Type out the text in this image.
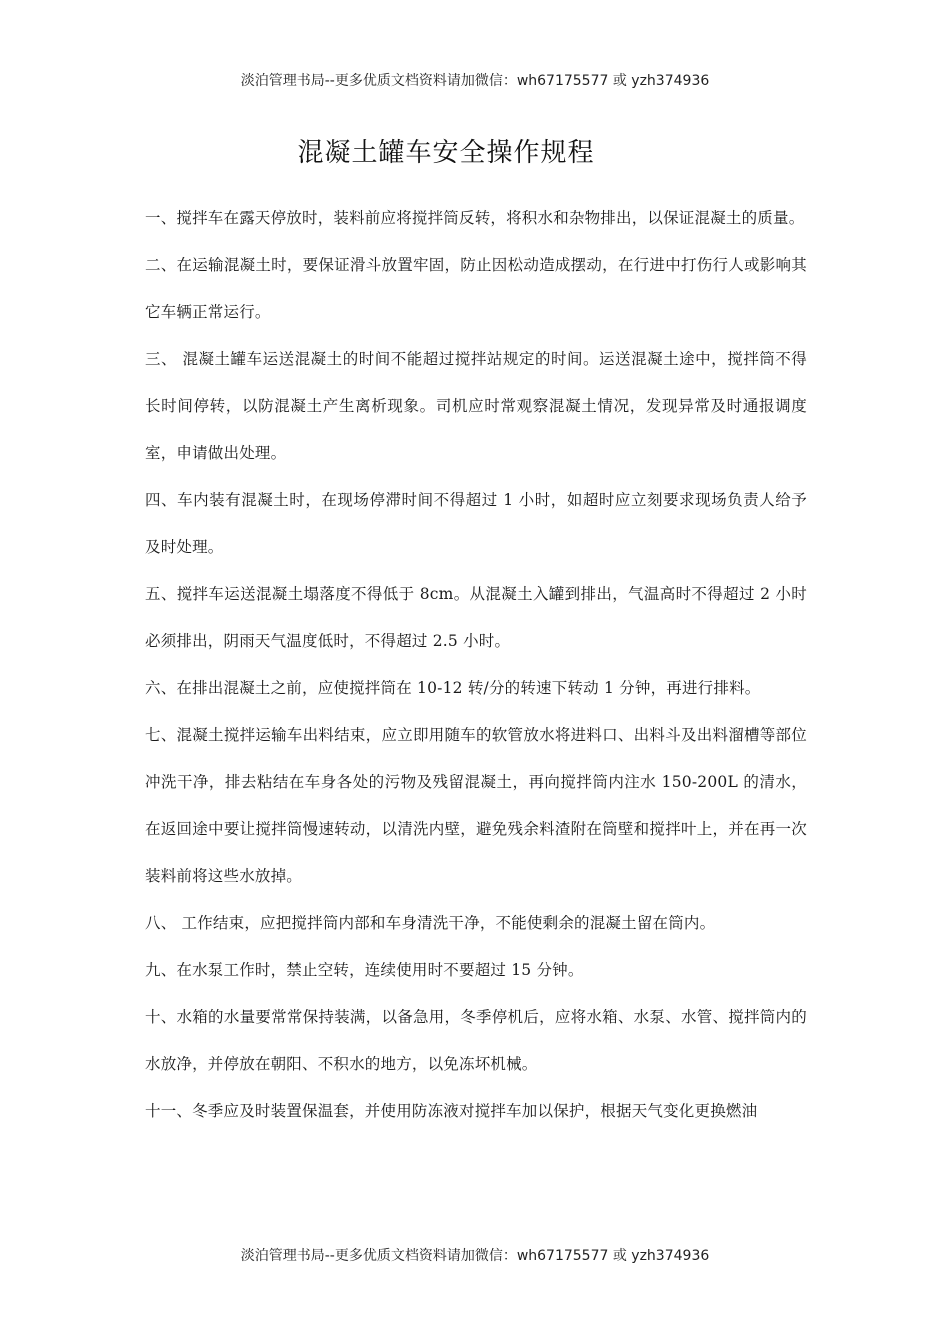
淡泊管理书局--更多优质文档资料请加微信：wh67175577 或 yzh374936
混凝土罐车安全操作规程

一、搅拌车在露天停放时，装料前应将搅拌筒反转，将积水和杂物排出，以保证混凝土的质量。

二、在运输混凝土时，要保证滑斗放置牢固，防止因松动造成摆动，在行进中打伤行人或影响其它车辆正常运行。

三、 混凝土罐车运送混凝土的时间不能超过搅拌站规定的时间。运送混凝土途中，搅拌筒不得长时间停转，以防混凝土产生离析现象。司机应时常观察混凝土情况，发现异常及时通报调度室，申请做出处理。

四、车内装有混凝土时，在现场停滞时间不得超过 1 小时，如超时应立刻要求现场负责人给予及时处理。

五、搅拌车运送混凝土塌落度不得低于 8cm。从混凝土入罐到排出，气温高时不得超过 2 小时必须排出，阴雨天气温度低时，不得超过 2.5 小时。

六、在排出混凝土之前，应使搅拌筒在 10-12 转/分的转速下转动 1 分钟，再进行排料。

七、混凝土搅拌运输车出料结束，应立即用随车的软管放水将进料口、出料斗及出料溜槽等部位冲洗干净，排去粘结在车身各处的污物及残留混凝土，再向搅拌筒内注水 150-200L 的清水，在返回途中要让搅拌筒慢速转动，以清洗内壁，避免残余料渣附在筒壁和搅拌叶上，并在再一次装料前将这些水放掉。

八、 工作结束，应把搅拌筒内部和车身清洗干净，不能使剩余的混凝土留在筒内。

九、在水泵工作时，禁止空转，连续使用时不要超过 15 分钟。

十、水箱的水量要常常保持装满，以备急用，冬季停机后，应将水箱、水泵、水管、搅拌筒内的水放净，并停放在朝阳、不积水的地方，以免冻坏机械。

十一、冬季应及时装置保温套，并使用防冻液对搅拌车加以保护，根据天气变化更换燃油

淡泊管理书局--更多优质文档资料请加微信：wh67175577 或 yzh374936
